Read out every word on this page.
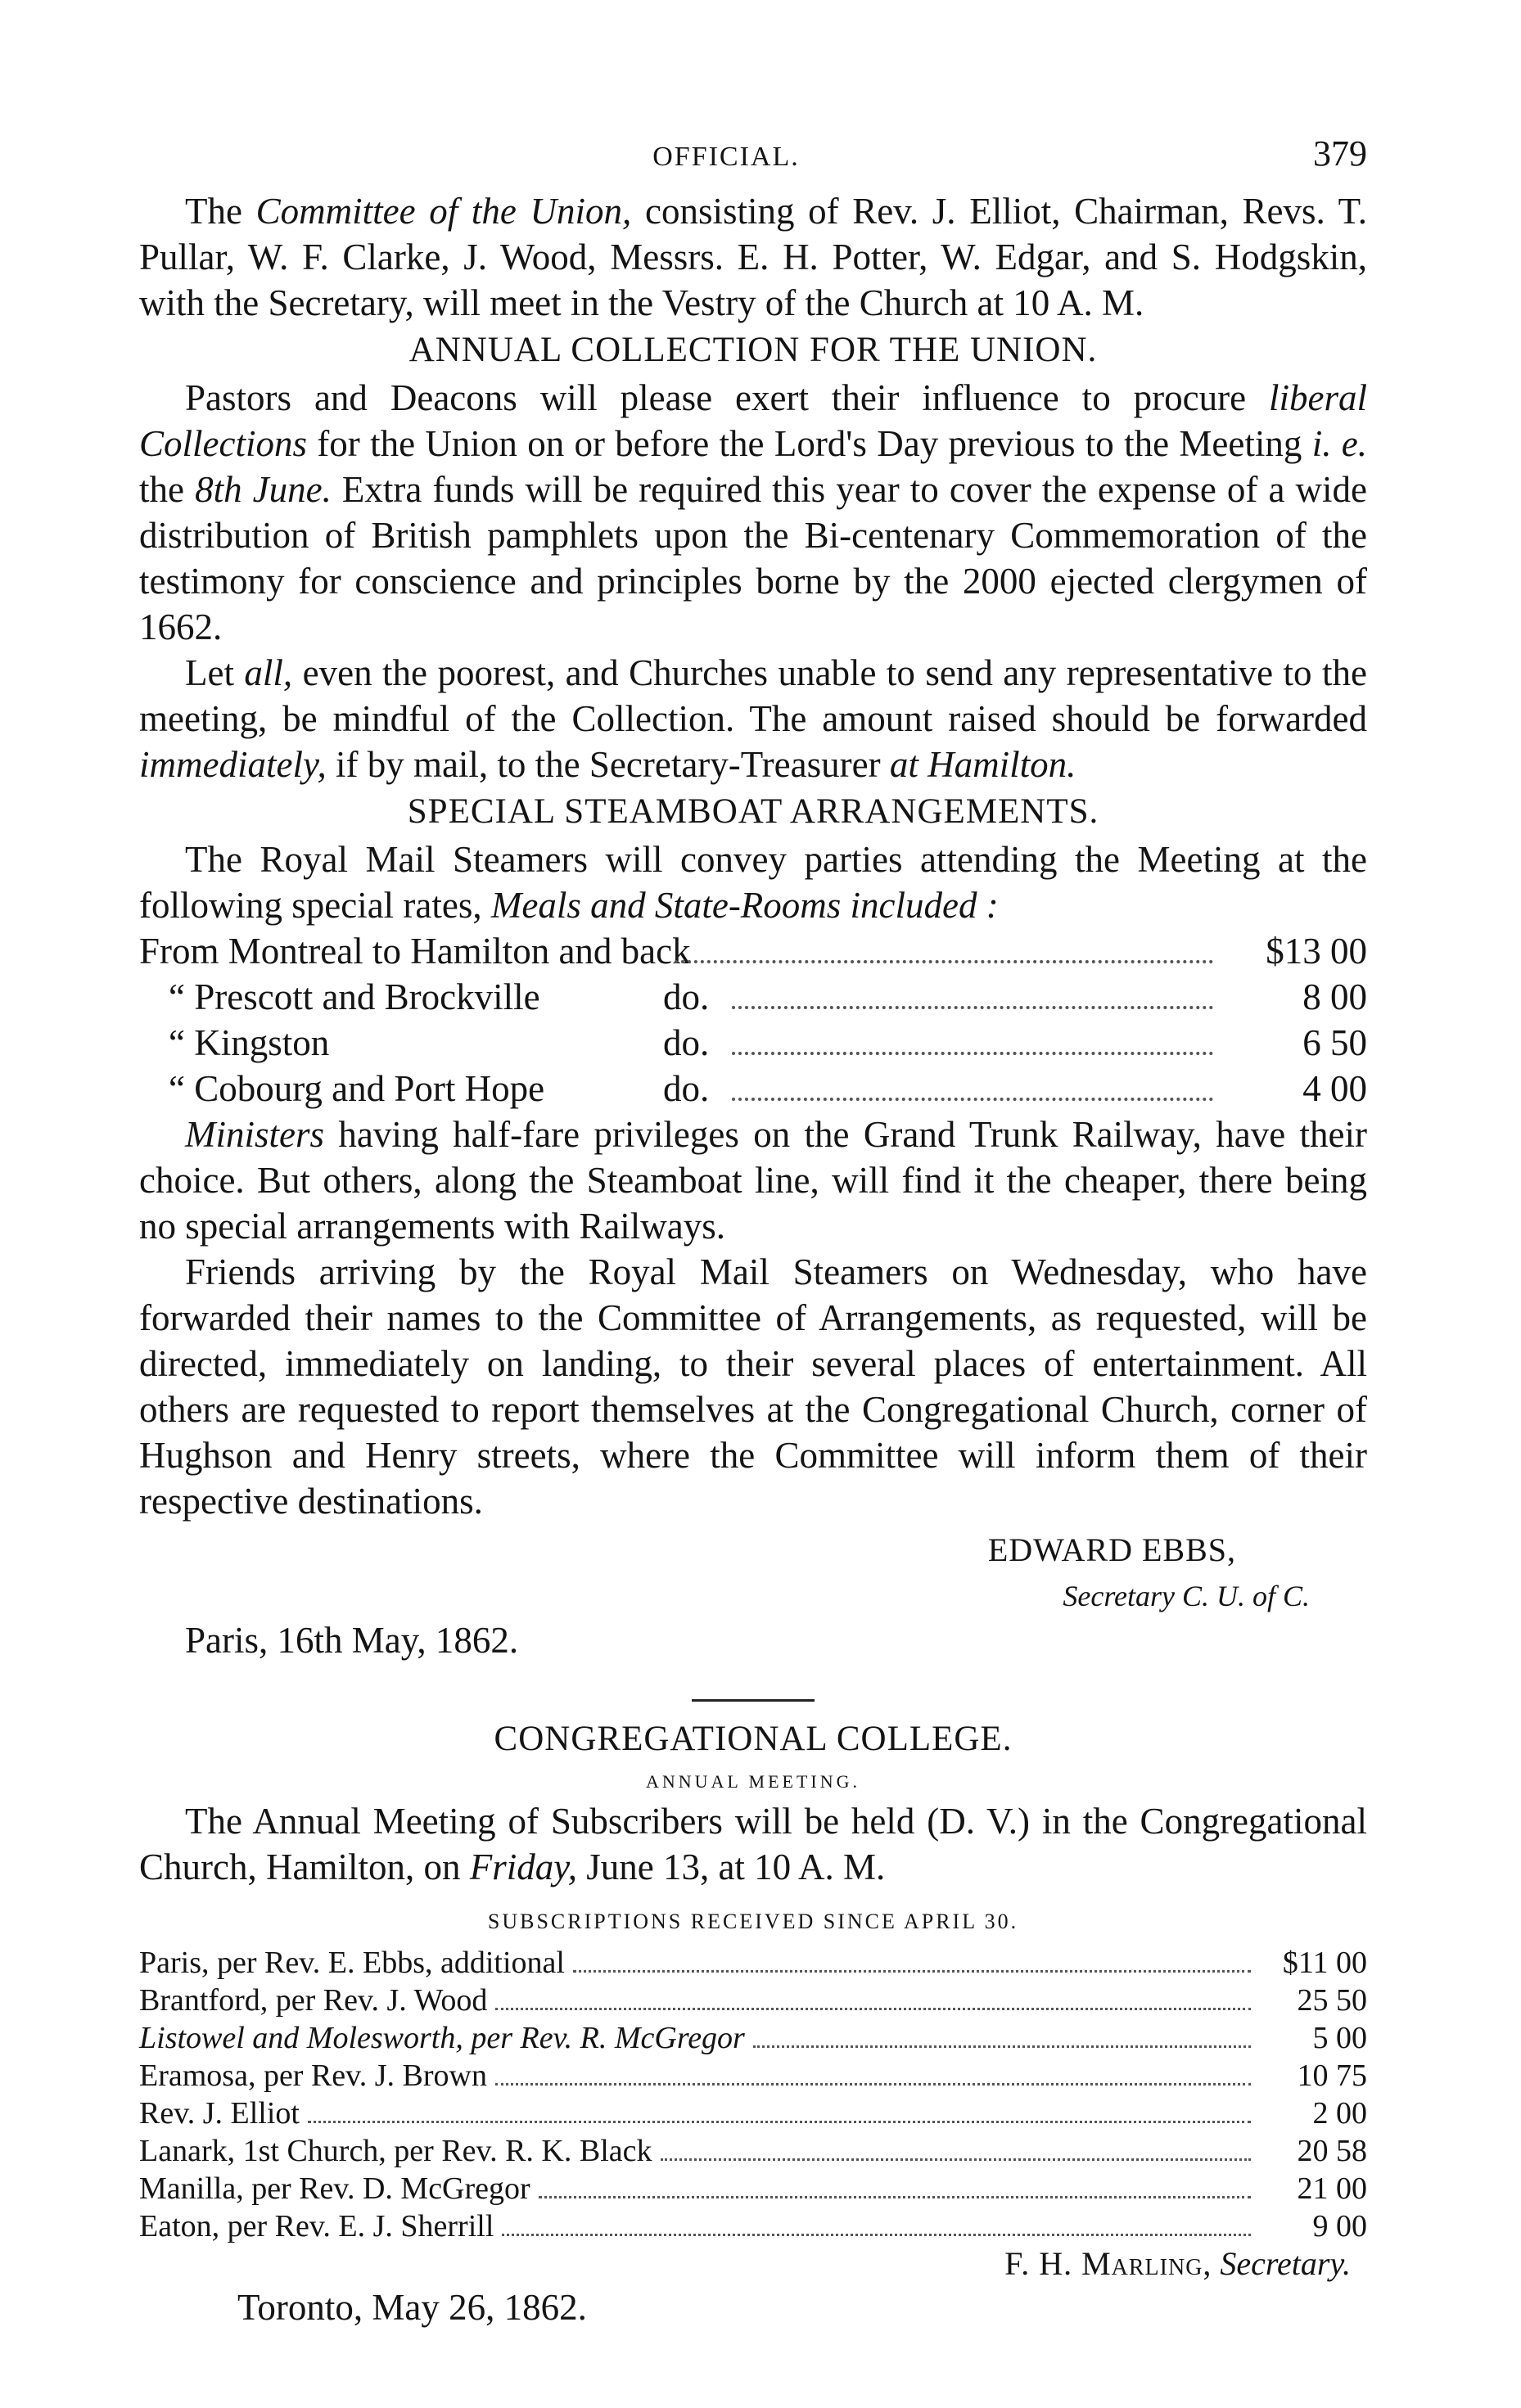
OFFICIAL.	379

The Committee of the Union, consisting of Rev. J. Elliot, Chairman, Revs. T. Pullar, W. F. Clarke, J. Wood, Messrs. E. H. Potter, W. Edgar, and S. Hodgskin, with the Secretary, will meet in the Vestry of the Church at 10 A. M.

ANNUAL COLLECTION FOR THE UNION.

Pastors and Deacons will please exert their influence to procure liberal Collections for the Union on or before the Lord's Day previous to the Meeting i. e. the 8th June. Extra funds will be required this year to cover the expense of a wide distribution of British pamphlets upon the Bi-centenary Commemoration of the testimony for conscience and principles borne by the 2000 ejected clergymen of 1662.

Let all, even the poorest, and Churches unable to send any representative to the meeting, be mindful of the Collection. The amount raised should be forwarded immediately, if by mail, to the Secretary-Treasurer at Hamilton.

SPECIAL STEAMBOAT ARRANGEMENTS.

The Royal Mail Steamers will convey parties attending the Meeting at the following special rates, Meals and State-Rooms included :

From Montreal to Hamilton and back	$13 00
“ Prescott and Brockville	do.	8 00
“ Kingston	do.	6 50
“ Cobourg and Port Hope	do.	4 00

Ministers having half-fare privileges on the Grand Trunk Railway, have their choice. But others, along the Steamboat line, will find it the cheaper, there being no special arrangements with Railways.

Friends arriving by the Royal Mail Steamers on Wednesday, who have forwarded their names to the Committee of Arrangements, as requested, will be directed, immediately on landing, to their several places of entertainment. All others are requested to report themselves at the Congregational Church, corner of Hughson and Henry streets, where the Committee will inform them of their respective destinations.

EDWARD EBBS,
Secretary C. U. of C.
Paris, 16th May, 1862.
CONGREGATIONAL COLLEGE.
ANNUAL MEETING.

The Annual Meeting of Subscribers will be held (D. V.) in the Congregational Church, Hamilton, on Friday, June 13, at 10 A. M.

SUBSCRIPTIONS RECEIVED SINCE APRIL 30.
Paris, per Rev. E. Ebbs, additional	$11 00
Brantford, per Rev. J. Wood	25 50
Listowel and Molesworth, per Rev. R. McGregor	5 00
Eramosa, per Rev. J. Brown	10 75
Rev. J. Elliot	2 00
Lanark, 1st Church, per Rev. R. K. Black	20 58
Manilla, per Rev. D. McGregor	21 00
Eaton, per Rev. E. J. Sherrill	9 00
F. H. Marling, Secretary.
Toronto, May 26, 1862.
